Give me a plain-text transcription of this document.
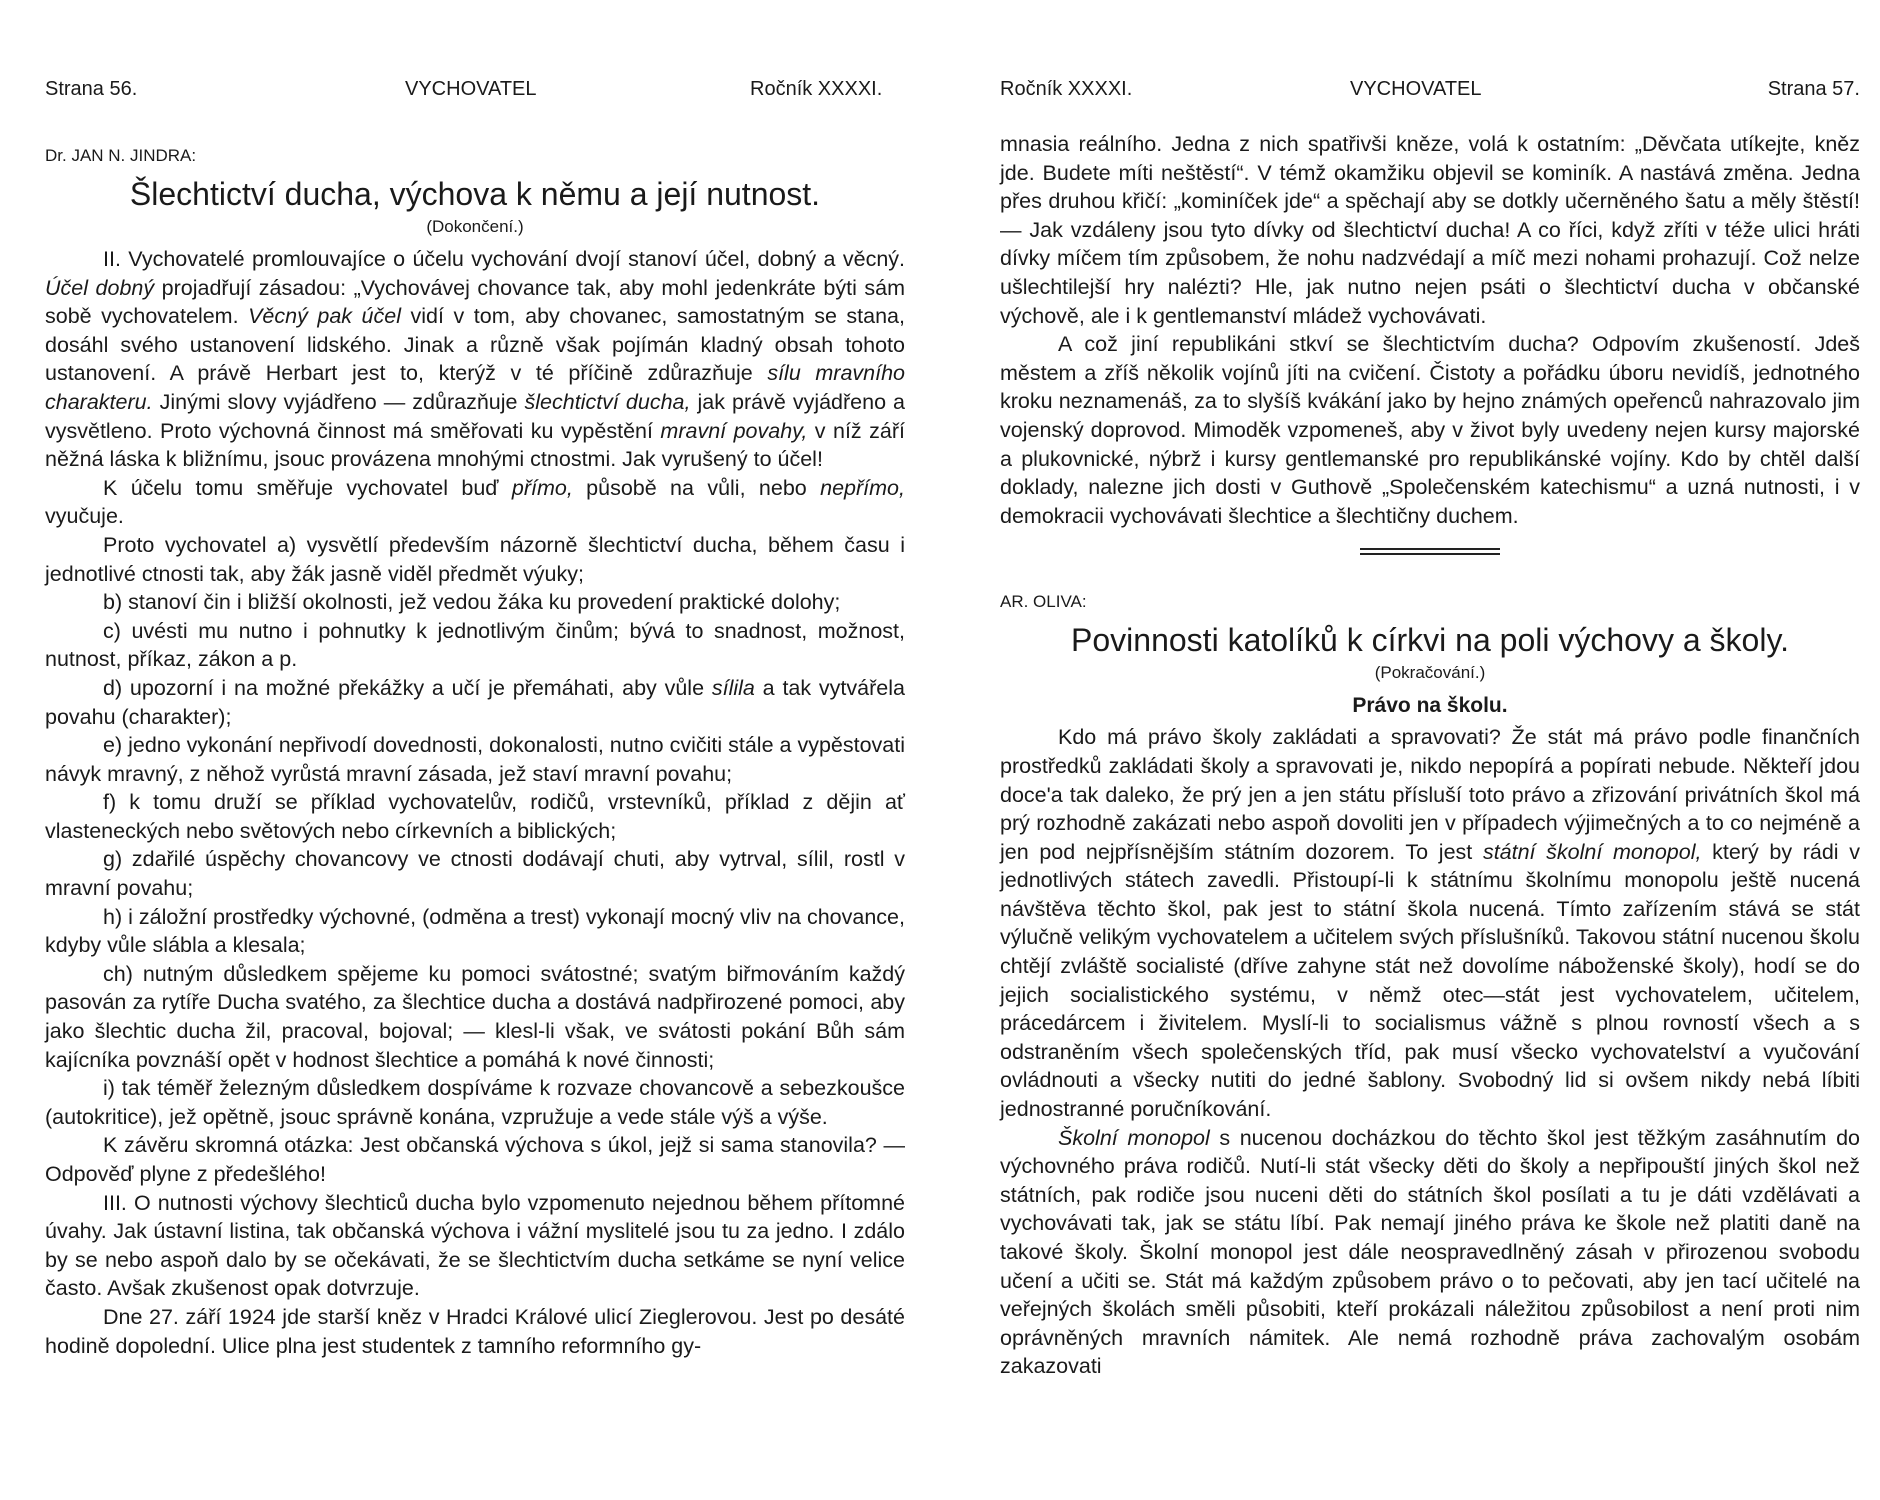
Strana 56.	VYCHOVATEL	Ročník XXXXI.
Dr. JAN N. JINDRA:
Šlechtictví ducha, výchova k němu a její nutnost.
(Dokončení.)

II. Vychovatelé promlouvajíce o účelu vychování dvojí stanoví účel, dobný a věcný. Účel dobný projadřují zásadou: „Vychovávej chovance tak, aby mohl jedenkráte býti sám sobě vychovatelem. Věcný pak účel vidí v tom, aby chovanec, samostatným se stana, dosáhl svého ustanovení lidského. Jinak a různě však pojímán kladný obsah tohoto ustanovení. A právě Herbart jest to, kterýž v té příčině zdůrazňuje sílu mravního charakteru. Jinými slovy vyjádřeno — zdůrazňuje šlechtictví ducha, jak právě vyjádřeno a vysvětleno. Proto výchovná činnost má směřovati ku vypěstění mravní povahy, v níž září něžná láska k bližnímu, jsouc provázena mnohými ctnostmi. Jak vyrušený to účel!

K účelu tomu směřuje vychovatel buď přímo, působě na vůli, nebo nepřímo, vyučuje.

Proto vychovatel a) vysvětlí především názorně šlechtictví ducha, během času i jednotlivé ctnosti tak, aby žák jasně viděl předmět výuky;

b) stanoví čin i bližší okolnosti, jež vedou žáka ku provedení praktické dolohy;

c) uvésti mu nutno i pohnutky k jednotlivým činům; bývá to snadnost, možnost, nutnost, příkaz, zákon a p.

d) upozorní i na možné překážky a učí je přemáhati, aby vůle sílila a tak vytvářela povahu (charakter);

e) jedno vykonání nepřivodí dovednosti, dokonalosti, nutno cvičiti stále a vypěstovati návyk mravný, z něhož vyrůstá mravní zásada, jež staví mravní povahu;

f) k tomu druží se příklad vychovatelův, rodičů, vrstevníků, příklad z dějin ať vlastenеckých nebo světových nebo církevních a biblických;

g) zdařilé úspěchy chovancovy ve ctnosti dodávají chuti, aby vytrval, sílil, rostl v mravní povahu;

h) i záložní prostředky výchovné, (odměna a trest) vykonají mocný vliv na chovance, kdyby vůle slábla a klesala;

ch) nutným důsledkem spějeme ku pomoci svátostné; svatým biřmováním každý pasován za rytíře Ducha svatého, za šlechtice ducha a dostává nadpřirozené pomoci, aby jako šlechtic ducha žil, pracoval, bojoval; — klesl-li však, ve svátosti pokání Bůh sám kajícníka povznáší opět v hodnost šlechtice a pomáhá k nové činnosti;

i) tak téměř železným důsledkem dospíváme k rozvaze chovancově a sebezkoušce (autokritice), jež opětně, jsouc správně konána, vzpružuje a vede stále výš a výše.

K závěru skromná otázka: Jest občanská výchova s úkol, jejž si sama stanovila? — Odpověď plyne z předešlého!

III. O nutnosti výchovy šlechticů ducha bylo vzpomenuto nejednou během přítomné úvahy. Jak ústavní listina, tak občanská výchova i vážní myslitelé jsou tu za jedno. I zdálo by se nebo aspoň dalo by se očekávati, že se šlechtictvím ducha setkáme se nyní velice často. Avšak zkušenost opak dotvrzuje.

Dne 27. září 1924 jde starší kněz v Hradci Králové ulicí Zieglerovou. Jest po desáté hodině dopolední. Ulice plna jest studentek z tamního reformního gy-

Ročník XXXXI.	VYCHOVATEL	Strana 57.

mnasia reálního. Jedna z nich spatřivši kněze, volá k ostatním: „Děvčata utíkejte, kněz jde. Budete míti neštěstí“. V témž okamžiku objevil se kominík. A nastává změna. Jedna přes druhou křičí: „kominíček jde“ a spěchají aby se dotkly učerněného šatu a měly štěstí! — Jak vzdáleny jsou tyto dívky od šlechtictví ducha! A co říci, když zříti v téže ulici hráti dívky míčem tím způsobem, že nohu nadzvédají a míč mezi nohami prohazují. Což nelze ušlechtilejší hry nalézti? Hle, jak nutno nejen psáti o šlechtictví ducha v občanské výchově, ale i k gentlemanství mládež vychovávati.

A což jiní republikáni stkví se šlechtictvím ducha? Odpovím zkušeností. Jdeš městem a zříš několik vojínů jíti na cvičení. Čistoty a pořádku úboru nevidíš, jednotného kroku neznamenáš, za to slyšíš kvákání jako by hejno známých opeřenců nahrazovalo jim vojenský doprovod. Mimoděk vzpomeneš, aby v život byly uvedeny nejen kursy majorské a plukovnické, nýbrž i kursy gentlemanské pro republikánské vojíny. Kdo by chtěl další doklady, nalezne jich dosti v Guthově „Společenském katechismu“ a uzná nutnosti, i v demokracii vychovávati šlechtice a šlechtičny duchem.

AR. OLIVA:
Povinnosti katolíků k církvi na poli výchovy a školy.
(Pokračování.)
Právo na školu.

Kdo má právo školy zakládati a spravovati? Že stát má právo podle finančních prostředků zakládati školy a spravovati je, nikdo nepopírá a popírati nebude. Někteří jdou doce'a tak daleko, že prý jen a jen státu přísluší toto právo a zřizování privátních škol má prý rozhodně zakázati nebo aspoň dovoliti jen v případech výjimečných a to co nejméně a jen pod nejpřísnějším státním dozorem. To jest státní školní monopol, který by rádi v jednotlivých státech zavedli. Přistoupí-li k státnímu školnímu monopolu ještě nucená návštěva těchto škol, pak jest to státní škola nucená. Tímto zařízením stává se stát výlučně velikým vychovatelem a učitelem svých příslušníků. Takovou státní nucenou školu chtějí zvláště socialisté (dříve zahyne stát než dovolíme náboženské školy), hodí se do jejich socialistického systému, v němž otec—stát jest vychovatelem, učitelem, prácedárcem i živitelem. Myslí-li to socialismus vážně s plnou rovností všech a s odstraněním všech společenských tříd, pak musí všecko vychovatelství a vyučování ovládnouti a všecky nutiti do jedné šablony. Svobodný lid si ovšem nikdy nebá líbiti jednostranné poručníkování.

Školní monopol s nucenou docházkou do těchto škol jest těžkým zasáhnutím do výchovného práva rodičů. Nutí-li stát všecky děti do školy a nepřipouští jiných škol než státních, pak rodiče jsou nuceni děti do státních škol posílati a tu je dáti vzdělávati a vychovávati tak, jak se státu líbí. Pak nemají jiného práva ke škole než platiti daně na takové školy. Školní monopol jest dále neospravedlněný zásah v přirozenou svobodu učení a učiti se. Stát má každým způsobem právo o to pečovati, aby jen tací učitelé na veřejných školách směli působiti, kteří prokázali náležitou způsobilost a není proti nim oprávněných mravních námitek. Ale nemá rozhodně práva zachovalým osobám zakazovati
